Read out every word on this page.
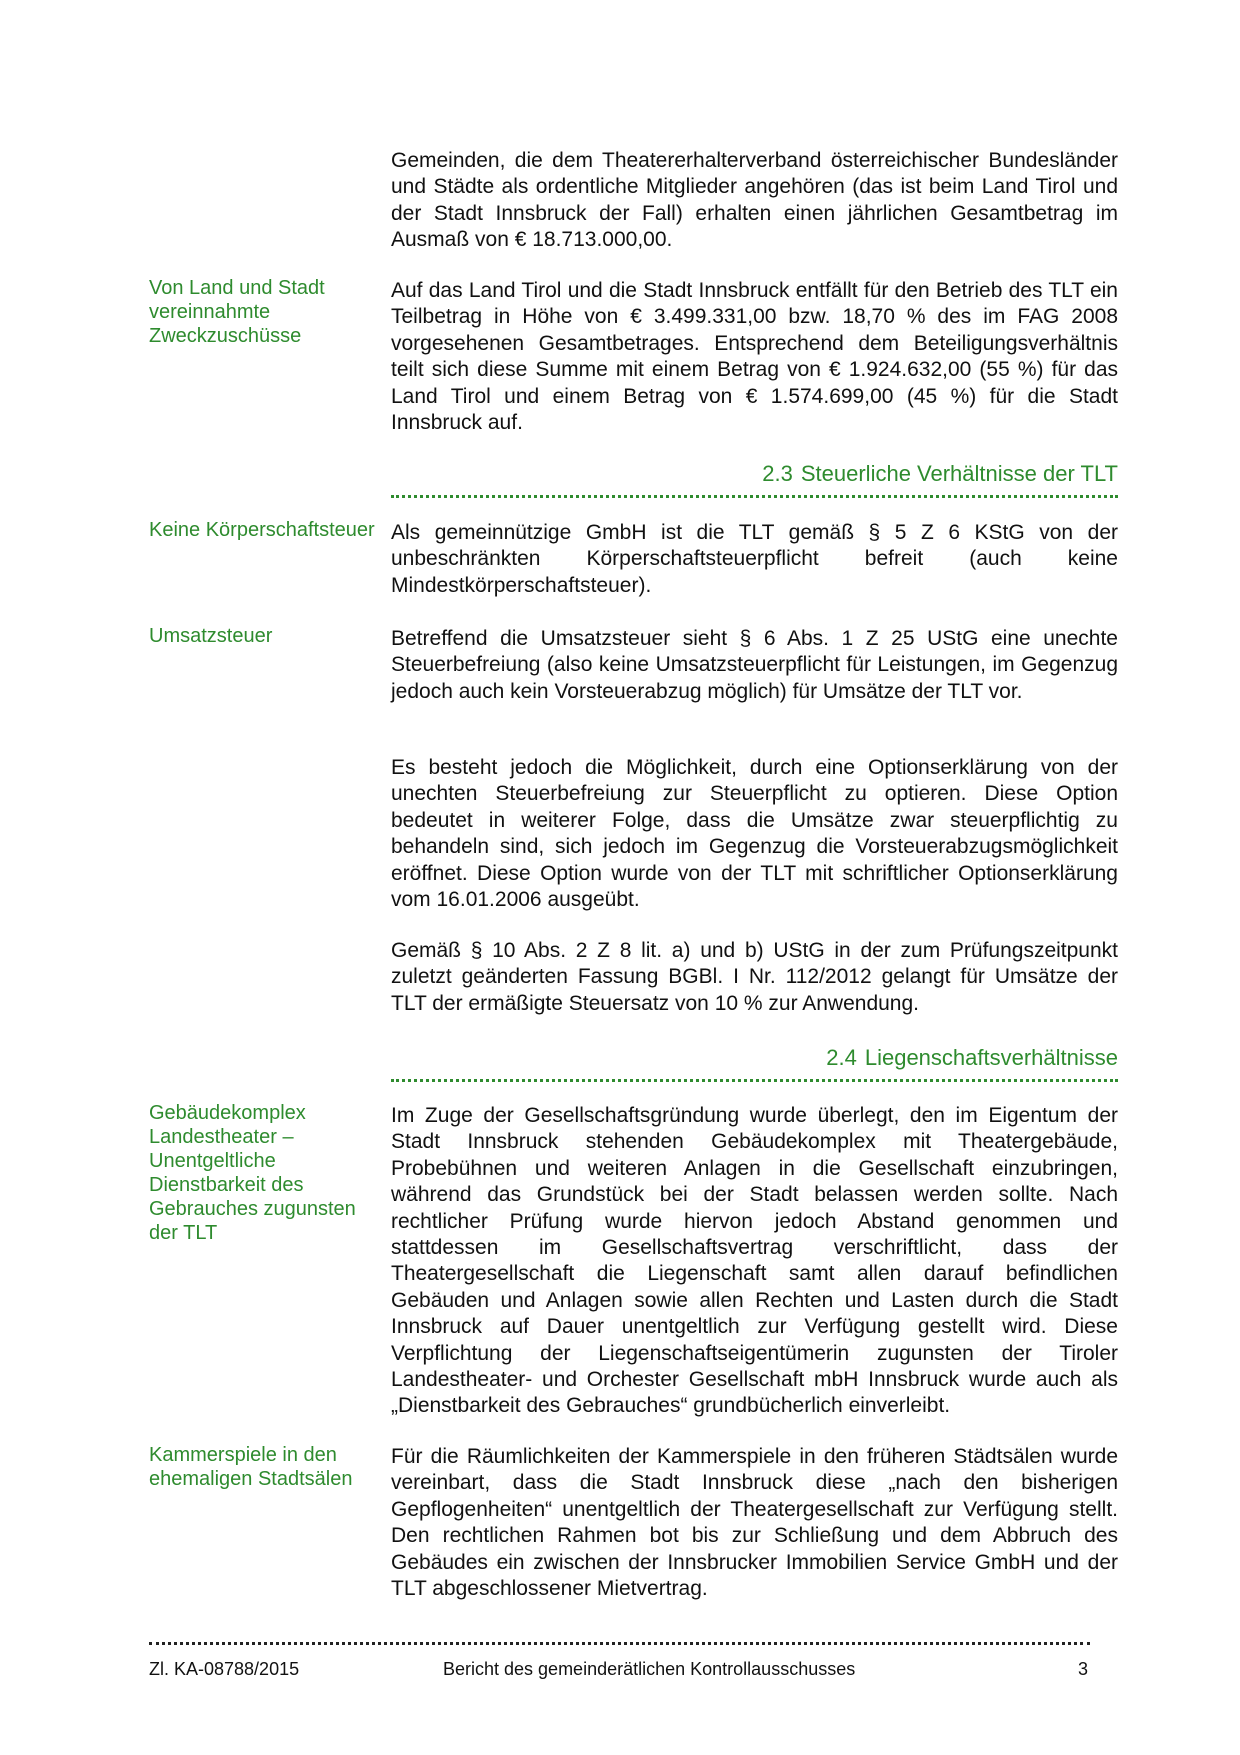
Gemeinden, die dem Theatererhalterverband österreichischer Bundesländer und Städte als ordentliche Mitglieder angehören (das ist beim Land Tirol und der Stadt Innsbruck der Fall) erhalten einen jährlichen Gesamtbetrag im Ausmaß von € 18.713.000,00.

Von Land und Stadt vereinnahmte Zweckzuschüsse

Auf das Land Tirol und die Stadt Innsbruck entfällt für den Betrieb des TLT ein Teilbetrag in Höhe von € 3.499.331,00 bzw. 18,70 % des im FAG 2008 vorgesehenen Gesamtbetrages. Entsprechend dem Beteiligungsverhältnis teilt sich diese Summe mit einem Betrag von € 1.924.632,00 (55 %) für das Land Tirol und einem Betrag von € 1.574.699,00 (45 %) für die Stadt Innsbruck auf.

2.3 Steuerliche Verhältnisse der TLT

Keine Körperschaftsteuer Als gemeinnützige GmbH ist die TLT gemäß § 5 Z 6 KStG von der unbeschränkten Körperschaftsteuerpflicht befreit (auch keine Mindestkörperschaftsteuer).

Umsatzsteuer	Betreffend die Umsatzsteuer sieht § 6 Abs. 1 Z 25 UStG eine unechte Steuerbefreiung (also keine Umsatzsteuerpflicht für Leistungen, im Gegenzug jedoch auch kein Vorsteuerabzug möglich) für Umsätze der TLT vor.

Es besteht jedoch die Möglichkeit, durch eine Optionserklärung von der unechten Steuerbefreiung zur Steuerpflicht zu optieren. Diese Option bedeutet in weiterer Folge, dass die Umsätze zwar steuerpflichtig zu behandeln sind, sich jedoch im Gegenzug die Vorsteuerabzugsmöglichkeit eröffnet. Diese Option wurde von der TLT mit schriftlicher Optionserklärung vom 16.01.2006 ausgeübt.

Gemäß § 10 Abs. 2 Z 8 lit. a) und b) UStG in der zum Prüfungszeitpunkt zuletzt geänderten Fassung BGBl. I Nr. 112/2012 gelangt für Umsätze der TLT der ermäßigte Steuersatz von 10 % zur Anwendung.

2.4 Liegenschaftsverhältnisse

Gebäudekomplex Landestheater – Unentgeltliche Dienstbarkeit des Gebrauches zugunsten der TLT

Im Zuge der Gesellschaftsgründung wurde überlegt, den im Eigentum der Stadt Innsbruck stehenden Gebäudekomplex mit Theatergebäude, Probebühnen und weiteren Anlagen in die Gesellschaft einzubringen, während das Grundstück bei der Stadt belassen werden sollte. Nach rechtlicher Prüfung wurde hiervon jedoch Abstand genommen und stattdessen im Gesellschaftsvertrag verschriftlicht, dass der Theatergesellschaft die Liegenschaft samt allen darauf befindlichen Gebäuden und Anlagen sowie allen Rechten und Lasten durch die Stadt Innsbruck auf Dauer unentgeltlich zur Verfügung gestellt wird. Diese Verpflichtung der Liegenschaftseigentümerin zugunsten der Tiroler Landestheater- und Orchester Gesellschaft mbH Innsbruck wurde auch als „Dienstbarkeit des Gebrauches“ grundbücherlich einverleibt.

Kammerspiele in den ehemaligen Stadtsälen

Für die Räumlichkeiten der Kammerspiele in den früheren Städtsälen wurde vereinbart, dass die Stadt Innsbruck diese „nach den bisherigen Gepflogenheiten“ unentgeltlich der Theatergesellschaft zur Verfügung stellt. Den rechtlichen Rahmen bot bis zur Schließung und dem Abbruch des Gebäudes ein zwischen der Innsbrucker Immobilien Service GmbH und der TLT abgeschlossener Mietvertrag.

Zl. KA-08788/2015	Bericht des gemeinderätlichen Kontrollausschusses	3
